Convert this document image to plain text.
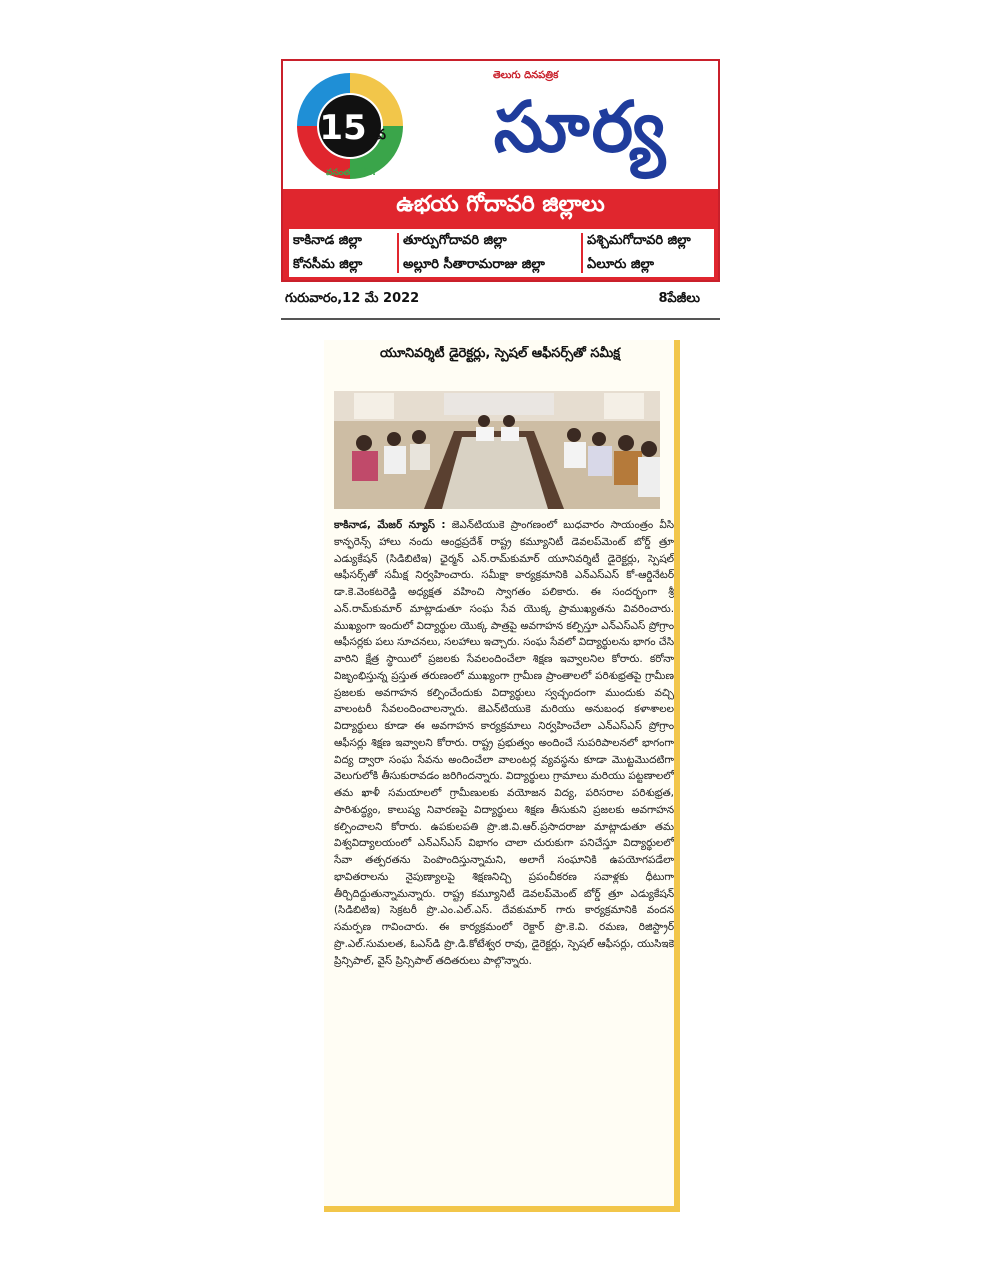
15 వ
వసంతంలోకి..
తెలుగు దినపత్రిక
సూర్య
ఉభయ గోదావరి జిల్లాలు
కాకినాడ జిల్లా
కోనసీమ జిల్లా
తూర్పుగోదావరి జిల్లా
అల్లూరి సీతారామరాజు జిల్లా
పశ్చిమగోదావరి జిల్లా
ఏలూరు జిల్లా
గురువారం,12 మే 2022	8పేజీలు
యూనివర్శిటీ డైరెక్టర్లు, స్పెషల్ ఆఫీసర్స్‌తో సమీక్ష
కాకినాడ, మేజర్ న్యూస్ : జెఎన్‌టియుకె ప్రాంగణంలో బుధవారం సాయంత్రం వీసి కాన్ఫరెన్స్ హాలు నందు ఆంధ్రప్రదేశ్ రాష్ట్ర కమ్యూనిటీ డెవలప్‌మెంట్ బోర్డ్ త్రూ ఎడ్యుకేషన్ (సిడిబిటిఇ) ఛైర్మన్ ఎన్.రామ్‌కుమార్ యూనివర్శిటీ డైరెక్టర్లు, స్పెషల్ ఆఫీసర్స్‌తో సమీక్ష నిర్వహించారు. సమీక్షా కార్యక్రమానికి ఎన్ఎస్ఎస్ కో-ఆర్డినేటర్ డా.కె.వెంకటరెడ్డి అధ్యక్షత వహించి స్వాగతం పలికారు. ఈ సందర్భంగా శ్రీ ఎన్.రామ్‌కుమార్ మాట్లాడుతూ సంఘ సేవ యొక్క ప్రాముఖ్యతను వివరించారు. ముఖ్యంగా ఇందులో విద్యార్థుల యొక్క పాత్రపై అవగాహన కల్పిస్తూ ఎన్ఎస్ఎస్ ప్రోగ్రాం ఆఫీసర్లకు పలు సూచనలు, సలహాలు ఇచ్చారు. సంఘ సేవలో విద్యార్థులను భాగం చేసి వారిని క్షేత్ర స్థాయిలో ప్రజలకు సేవలందించేలా శిక్షణ ఇవ్వాలనిల కోరారు. కరోనా విజృంభిస్తున్న ప్రస్తుత తరుణంలో ముఖ్యంగా గ్రామీణ ప్రాంతాలలో పరిశుభ్రతపై గ్రామీణ ప్రజలకు అవగాహన కల్పించేందుకు విద్యార్థులు స్వచ్ఛందంగా ముందుకు వచ్చి వాలంటరీ సేవలందించాలన్నారు. జెఎన్‌టియుకె మరియు అనుబంధ కళాశాలల విద్యార్థులు కూడా ఈ అవగాహన కార్యక్రమాలు నిర్వహించేలా ఎన్ఎస్ఎస్ ప్రోగ్రాం ఆఫీసర్లు శిక్షణ ఇవ్వాలని కోరారు. రాష్ట్ర ప్రభుత్వం అందించే సుపరిపాలనలో భాగంగా విద్య ద్వారా సంఘ సేవను అందించేలా వాలంటర్ల వ్యవస్థను కూడా మొట్టమొదటిగా వెలుగులోకి తీసుకురావడం జరిగిందన్నారు. విద్యార్థులు గ్రామాలు మరియు పట్టణాలలో తమ ఖాళీ సమయాలలో గ్రామీణులకు వయోజన విద్య, పరిసరాల పరిశుభ్రత, పారిశుద్ధ్యం, కాలుష్య నివారణపై విద్యార్థులు శిక్షణ తీసుకుని ప్రజలకు అవగాహన కల్పించాలని కోరారు. ఉపకులపతి ప్రొ.జి.వి.ఆర్.ప్రసాదరాజు మాట్లాడుతూ తమ విశ్వవిద్యాలయంలో ఎన్ఎస్ఎస్ విభాగం చాలా చురుకుగా పనిచేస్తూ విద్యార్థులలో సేవా తత్పరతను పెంపొందిస్తున్నామని, అలాగే సంఘానికి ఉపయోగపడేలా భావితరాలను నైపుణ్యాలపై శిక్షణనిచ్చి ప్రపంచీకరణ సవాళ్లకు ధీటుగా తీర్చిదిద్దుతున్నామన్నారు. రాష్ట్ర కమ్యూనిటీ డెవలప్‌మెంట్ బోర్డ్ త్రూ ఎడ్యుకేషన్ (సిడిబిటిఇ) సెక్రటరీ ప్రొ.ఎం.ఎల్.ఎస్. దేవకుమార్ గారు కార్యక్రమానికి వందన సమర్పణ గావించారు. ఈ కార్యక్రమంలో రెక్టార్ ప్రొ.కె.వి. రమణ, రిజిస్ట్రార్ ప్రొ.ఎల్.సుమలత, ఓఎస్‌డి ప్రొ.డి.కోటేశ్వర రావు, డైరెక్టర్లు, స్పెషల్ ఆఫీసర్లు, యుసిఇకె ప్రిన్సిపాల్, వైస్ ప్రిన్సిపాల్ తదితరులు పాల్గొన్నారు.
